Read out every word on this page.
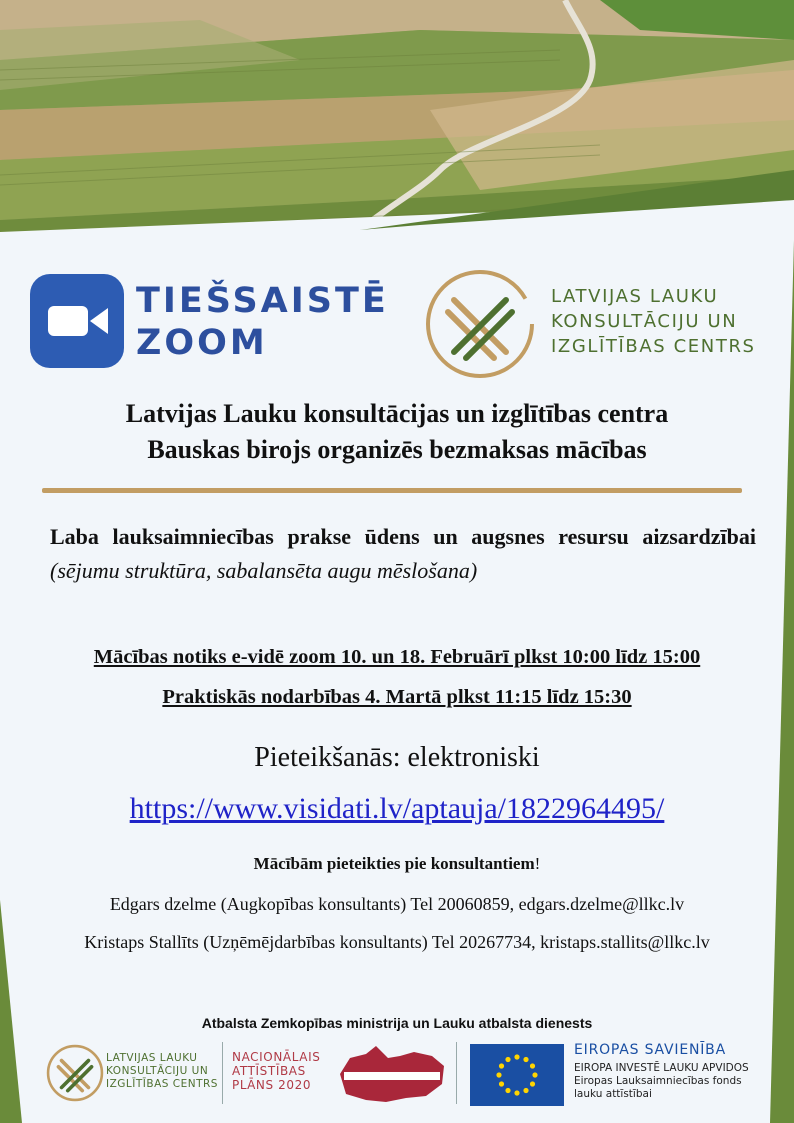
TIEŠSAISTĒ
ZOOM
LATVIJAS LAUKU
KONSULTĀCIJU UN
IZGLĪTĪBAS CENTRS
Latvijas Lauku konsultācijas un izglītības centra
Bauskas birojs organizēs bezmaksas mācības
Laba lauksaimniecības prakse ūdens un augsnes resursu aizsardzībai (sējumu struktūra, sabalansēta augu mēslošana)
Mācības notiks e-vidē zoom 10. un 18. Februārī plkst 10:00 līdz 15:00
Praktiskās nodarbības 4. Martā plkst 11:15 līdz 15:30
Pieteikšanās: elektroniski
https://www.visidati.lv/aptauja/1822964495/
Mācībām pieteikties pie konsultantiem!
Edgars dzelme (Augkopības konsultants) Tel 20060859, edgars.dzelme@llkc.lv
Kristaps Stallīts (Uzņēmējdarbības konsultants) Tel 20267734, kristaps.stallits@llkc.lv
Atbalsta Zemkopības ministrija un Lauku atbalsta dienests
LATVIJAS LAUKU
KONSULTĀCIJU UN
IZGLĪTĪBAS CENTRS
NACIONĀLAIS
ATTĪSTĪBAS
PLĀNS 2020
EIROPAS SAVIENĪBA
EIROPA INVESTĒ LAUKU APVIDOS
Eiropas Lauksaimniecības fonds
lauku attīstībai
